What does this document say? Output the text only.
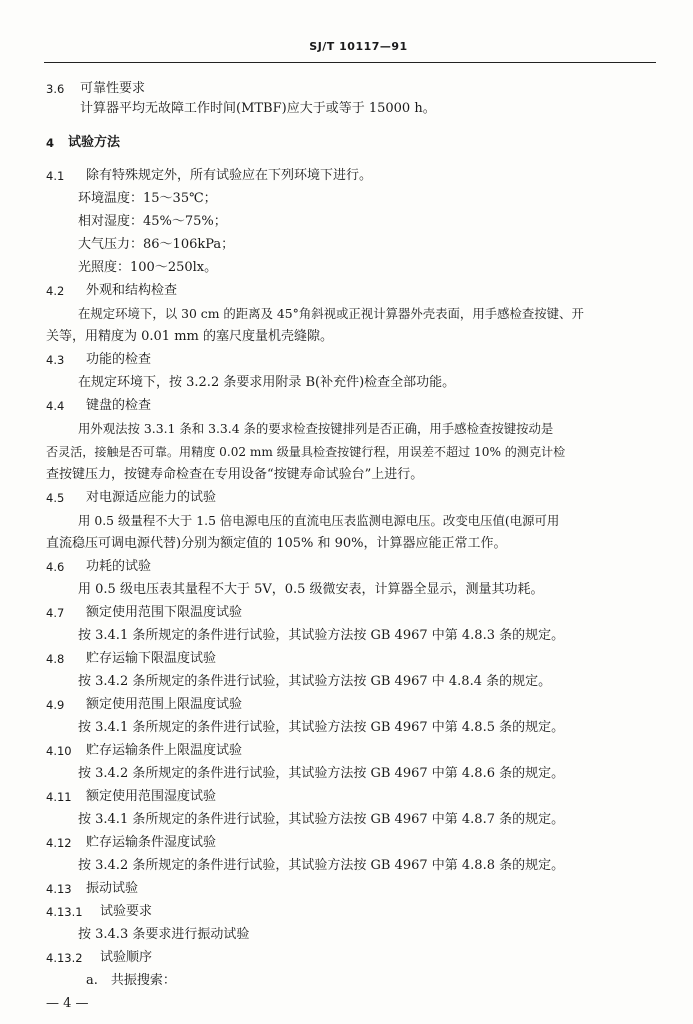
SJ/T 10117—91
3.6 可靠性要求
计算器平均无故障工作时间(MTBF)应大于或等于 15000 h。
4 试验方法
4.1 除有特殊规定外，所有试验应在下列环境下进行。
环境温度：15～35℃；
相对湿度：45%～75%；
大气压力：86～106kPa；
光照度：100～250lx。
4.2 外观和结构检查
在规定环境下，以 30 cm 的距离及 45°角斜视或正视计算器外壳表面，用手感检查按键、开
关等，用精度为 0.01 mm 的塞尺度量机壳缝隙。
4.3 功能的检查
在规定环境下，按 3.2.2 条要求用附录 B(补充件)检查全部功能。
4.4 键盘的检查
用外观法按 3.3.1 条和 3.3.4 条的要求检查按键排列是否正确，用手感检查按键按动是
否灵活，接触是否可靠。用精度 0.02 mm 级量具检查按键行程，用误差不超过 10% 的测克计检
查按键压力，按键寿命检查在专用设备“按键寿命试验台”上进行。
4.5 对电源适应能力的试验
用 0.5 级量程不大于 1.5 倍电源电压的直流电压表监测电源电压。改变电压值(电源可用
直流稳压可调电源代替)分别为额定值的 105% 和 90%，计算器应能正常工作。
4.6 功耗的试验
用 0.5 级电压表其量程不大于 5V，0.5 级微安表，计算器全显示，测量其功耗。
4.7 额定使用范围下限温度试验
按 3.4.1 条所规定的条件进行试验，其试验方法按 GB 4967 中第 4.8.3 条的规定。
4.8 贮存运输下限温度试验
按 3.4.2 条所规定的条件进行试验，其试验方法按 GB 4967 中 4.8.4 条的规定。
4.9 额定使用范围上限温度试验
按 3.4.1 条所规定的条件进行试验，其试验方法按 GB 4967 中第 4.8.5 条的规定。
4.10 贮存运输条件上限温度试验
按 3.4.2 条所规定的条件进行试验，其试验方法按 GB 4967 中第 4.8.6 条的规定。
4.11 额定使用范围湿度试验
按 3.4.1 条所规定的条件进行试验，其试验方法按 GB 4967 中第 4.8.7 条的规定。
4.12 贮存运输条件湿度试验
按 3.4.2 条所规定的条件进行试验，其试验方法按 GB 4967 中第 4.8.8 条的规定。
4.13 振动试验
4.13.1 试验要求
按 3.4.3 条要求进行振动试验
4.13.2 试验顺序
a.　共振搜索：
— 4 —
